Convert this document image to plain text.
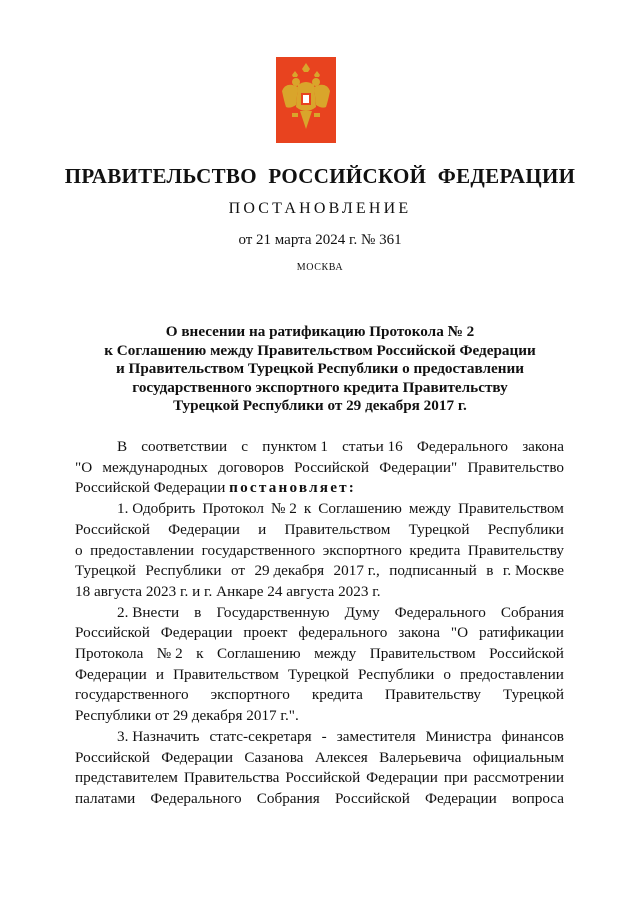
ПРАВИТЕЛЬСТВО РОССИЙСКОЙ ФЕДЕРАЦИИ
ПОСТАНОВЛЕНИЕ
от 21 марта 2024 г. № 361
МОСКВА
О внесении на ратификацию Протокола № 2
к Соглашению между Правительством Российской Федерации
и Правительством Турецкой Республики о предоставлении
государственного экспортного кредита Правительству
Турецкой Республики от 29 декабря 2017 г.
В соответствии с пунктом 1 статьи 16 Федерального закона
"О международных договоров Российской Федерации" Правительство
Российской Федерации постановляет:
1. Одобрить Протокол № 2 к Соглашению между Правительством
Российской Федерации и Правительством Турецкой Республики
о предоставлении государственного экспортного кредита Правительству
Турецкой Республики от 29 декабря 2017 г., подписанный в г. Москве
18 августа 2023 г. и г. Анкаре 24 августа 2023 г.
2. Внести в Государственную Думу Федерального Собрания
Российской Федерации проект федерального закона "О ратификации
Протокола № 2 к Соглашению между Правительством Российской
Федерации и Правительством Турецкой Республики о предоставлении
государственного экспортного кредита Правительству Турецкой
Республики от 29 декабря 2017 г.".
3. Назначить статс-секретаря - заместителя Министра финансов
Российской Федерации Сазанова Алексея Валерьевича официальным
представителем Правительства Российской Федерации при рассмотрении
палатами Федерального Собрания Российской Федерации вопроса
